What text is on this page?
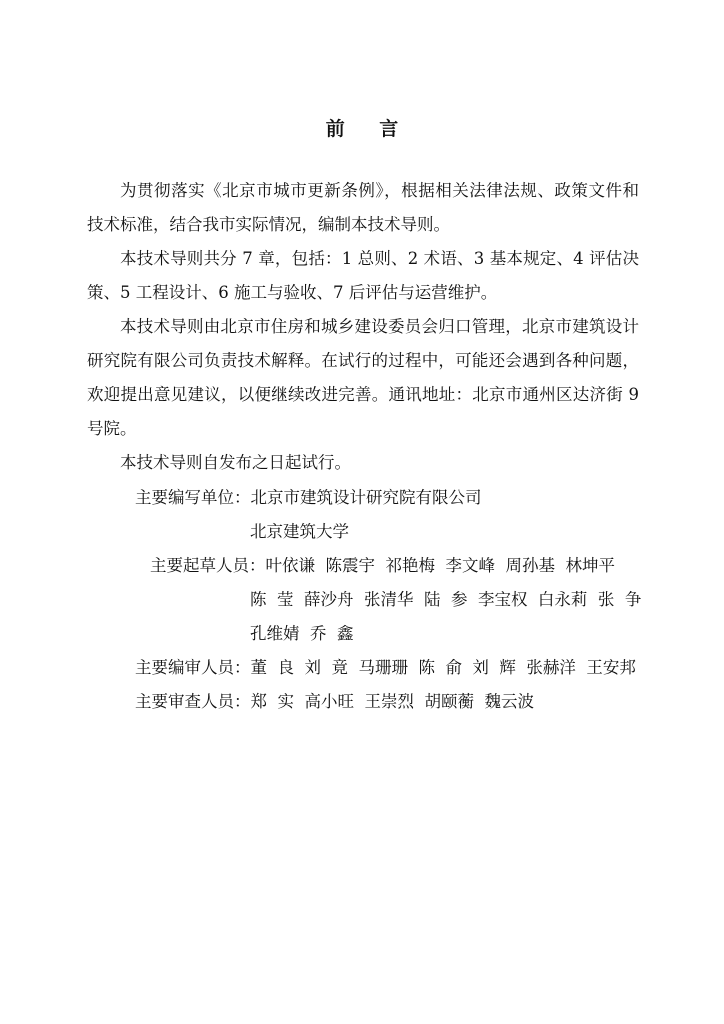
前 言

为贯彻落实《北京市城市更新条例》，根据相关法律法规、政策文件和技术标准，结合我市实际情况，编制本技术导则。

本技术导则共分 7 章，包括：1 总则、2 术语、3 基本规定、4 评估决策、5 工程设计、6 施工与验收、7 后评估与运营维护。

本技术导则由北京市住房和城乡建设委员会归口管理，北京市建筑设计研究院有限公司负责技术解释。在试行的过程中，可能还会遇到各种问题，欢迎提出意见建议，以便继续改进完善。通讯地址：北京市通州区达济街 9 号院。

本技术导则自发布之日起试行。

主要编写单位：北京市建筑设计研究院有限公司
北京建筑大学
主要起草人员：叶依谦  陈震宇  祁艳梅  李文峰  周孙基  林坤平
陈  莹  薛沙舟  张清华  陆  参  李宝权  白永莉  张  争
孔维婧  乔  鑫
主要编审人员：董  良  刘  竟  马珊珊  陈  俞  刘  辉  张赫洋  王安邦
主要审查人员：郑  实  高小旺  王崇烈  胡颐蘅  魏云波
